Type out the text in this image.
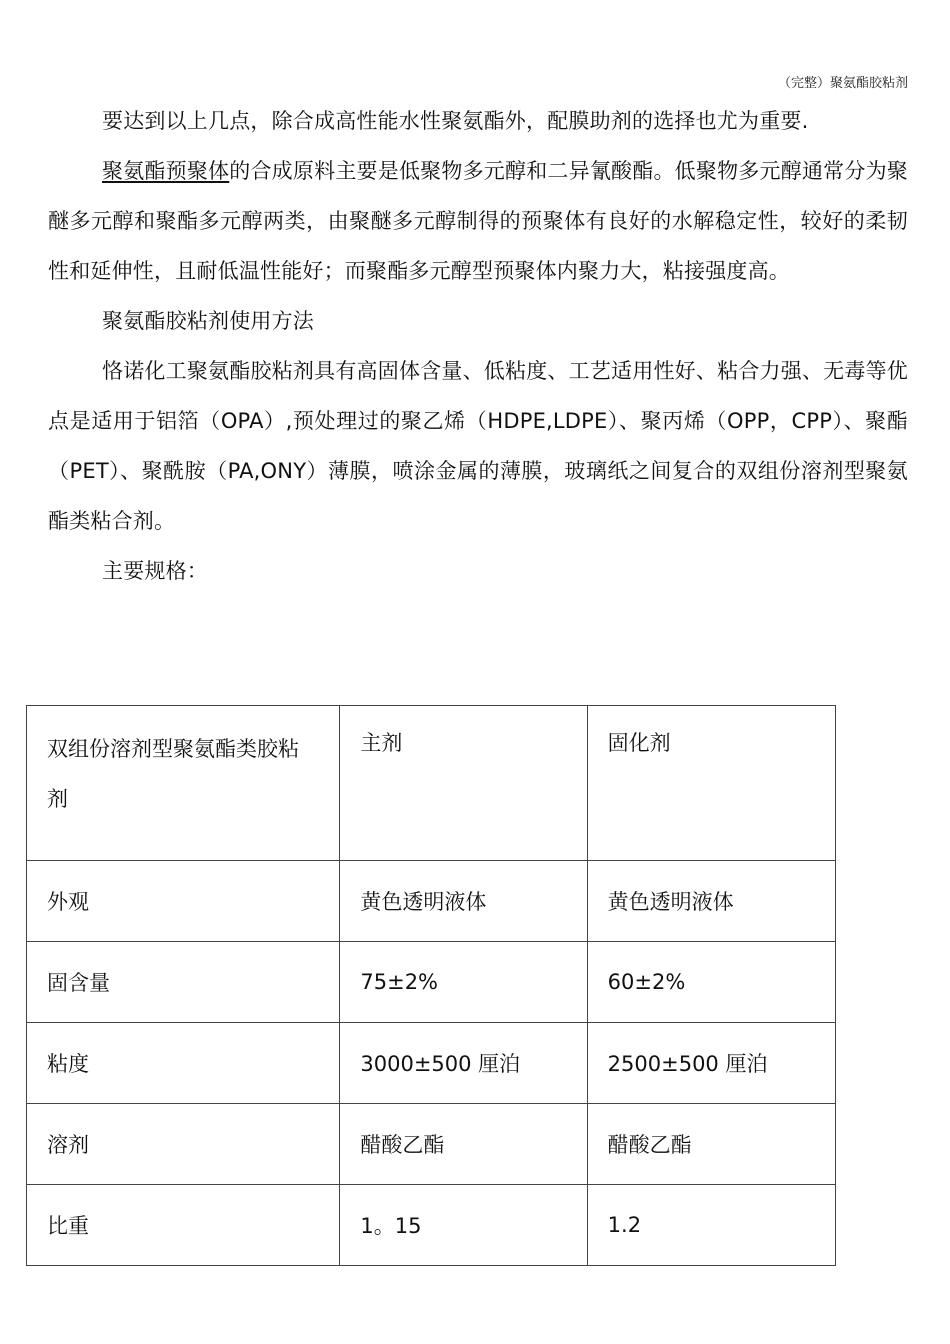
（完整）聚氨酯胶粘剂

要达到以上几点，除合成高性能水性聚氨酯外，配膜助剂的选择也尤为重要.

聚氨酯预聚体的合成原料主要是低聚物多元醇和二异氰酸酯。低聚物多元醇通常分为聚醚多元醇和聚酯多元醇两类，由聚醚多元醇制得的预聚体有良好的水解稳定性，较好的柔韧性和延伸性，且耐低温性能好；而聚酯多元醇型预聚体内聚力大，粘接强度高。

聚氨酯胶粘剂使用方法

恪诺化工聚氨酯胶粘剂具有高固体含量、低粘度、工艺适用性好、粘合力强、无毒等优点是适用于铝箔（OPA）,预处理过的聚乙烯（HDPE,LDPE）、聚丙烯（OPP，CPP）、聚酯（PET）、聚酰胺（PA,ONY）薄膜，喷涂金属的薄膜，玻璃纸之间复合的双组份溶剂型聚氨酯类粘合剂。

主要规格：

双组份溶剂型聚氨酯类胶粘剂	主剂	固化剂
外观	黄色透明液体	黄色透明液体
固含量	75±2%	60±2%
粘度	3000±500 厘泊	2500±500 厘泊
溶剂	醋酸乙酯	醋酸乙酯
比重	1。15	1.2
